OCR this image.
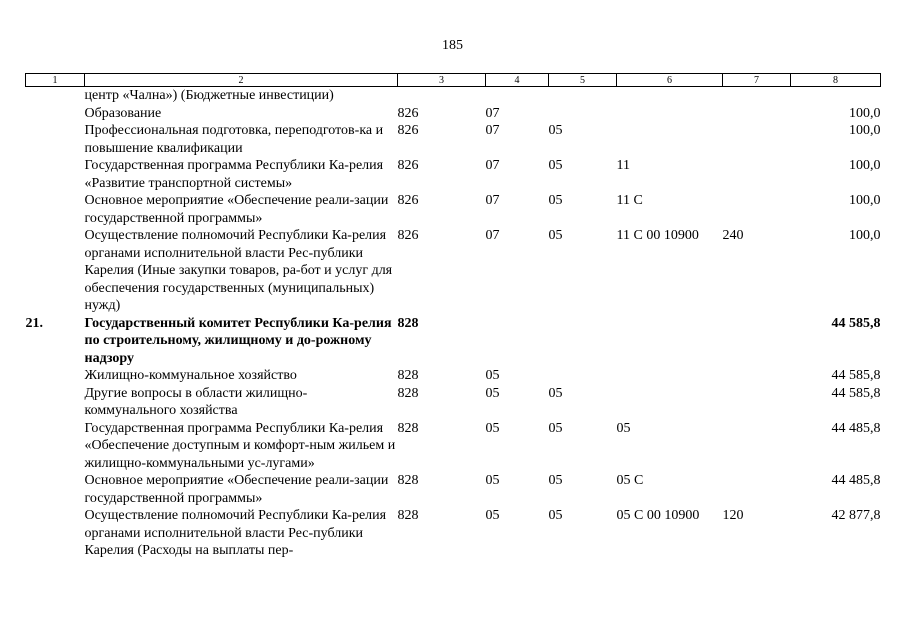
185
1	2	3	4	5	6	7	8
	центр «Чална») (Бюджетные инвестиции)						
	Образование	826	07				100,0
	Профессиональная подготовка, переподготов-ка и повышение квалификации	826	07	05			100,0
	Государственная программа Республики Ка-релия «Развитие транспортной системы»	826	07	05	11		100,0
	Основное мероприятие «Обеспечение реали-зации государственной программы»	826	07	05	11 С		100,0
	Осуществление полномочий Республики Ка-релия органами исполнительной власти Рес-публики Карелия (Иные закупки товаров, ра-бот и услуг для обеспечения государственных (муниципальных) нужд)	826	07	05	11 С 00 10900	240	100,0
21.	Государственный комитет Республики Ка-релия по строительному, жилищному и до-рожному надзору	828					44 585,8
	Жилищно-коммунальное хозяйство	828	05				44 585,8
	Другие вопросы в области жилищно-коммунального хозяйства	828	05	05			44 585,8
	Государственная программа Республики Ка-релия «Обеспечение доступным и комфорт-ным жильем и жилищно-коммунальными ус-лугами»	828	05	05	05		44 485,8
	Основное мероприятие «Обеспечение реали-зации государственной программы»	828	05	05	05 С		44 485,8
	Осуществление полномочий Республики Ка-релия органами исполнительной власти Рес-публики Карелия (Расходы на выплаты пер-	828	05	05	05 С 00 10900	120	42 877,8
